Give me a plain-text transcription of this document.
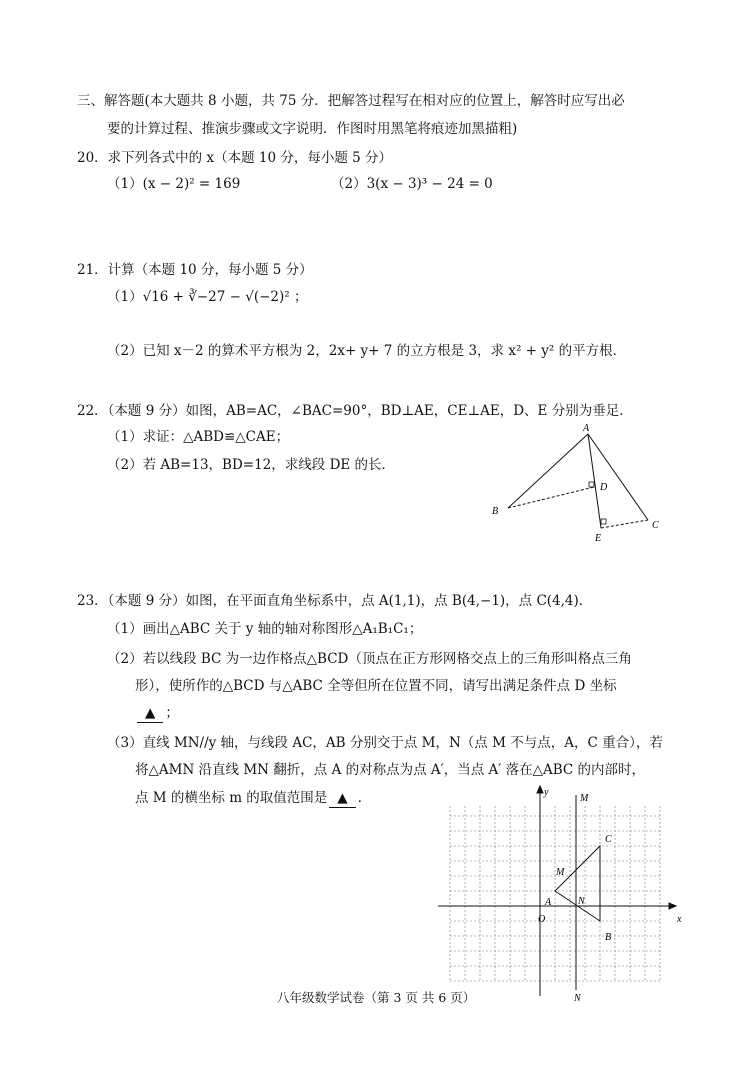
三、解答题(本大题共 8 小题，共 75 分．把解答过程写在相对应的位置上，解答时应写出必
要的计算过程、推演步骤或文字说明．作图时用黑笔将痕迹加黑描粗)
20．求下列各式中的 x（本题 10 分，每小题 5 分）
（1）(x − 2)² = 169	（2）3(x − 3)³ − 24 = 0
21．计算（本题 10 分，每小题 5 分）
（1）√16 + ∛−27 − √(−2)² ；
（2）已知 x－2 的算术平方根为 2，2x+ y+ 7 的立方根是 3，求 x² + y² 的平方根．
22．（本题 9 分）如图，AB=AC，∠BAC=90°，BD⊥AE，CE⊥AE，D、E 分别为垂足．
（1）求证：△ABD≌△CAE；
（2）若 AB=13，BD=12，求线段 DE 的长．
A
B
C
D
E
23．（本题 9 分）如图，在平面直角坐标系中，点 A(1,1)，点 B(4,−1)，点 C(4,4)．
（1）画出△ABC 关于 y 轴的轴对称图形△A₁B₁C₁；
（2）若以线段 BC 为一边作格点△BCD（顶点在正方形网格交点上的三角形叫格点三角
形），使所作的△BCD 与△ABC 全等但所在位置不同，请写出满足条件点 D 坐标
▲ ；
（3）直线 MN//y 轴，与线段 AC，AB 分别交于点 M，N（点 M 不与点，A，C 重合），若
将△AMN 沿直线 MN 翻折，点 A 的对称点为点 A′，当点 A′ 落在△ABC 的内部时，
点 M 的横坐标 m 的取值范围是 ▲ ．
x
y
O
A
B
C
M
N
M
N
八年级数学试卷（第 3 页 共 6 页）
